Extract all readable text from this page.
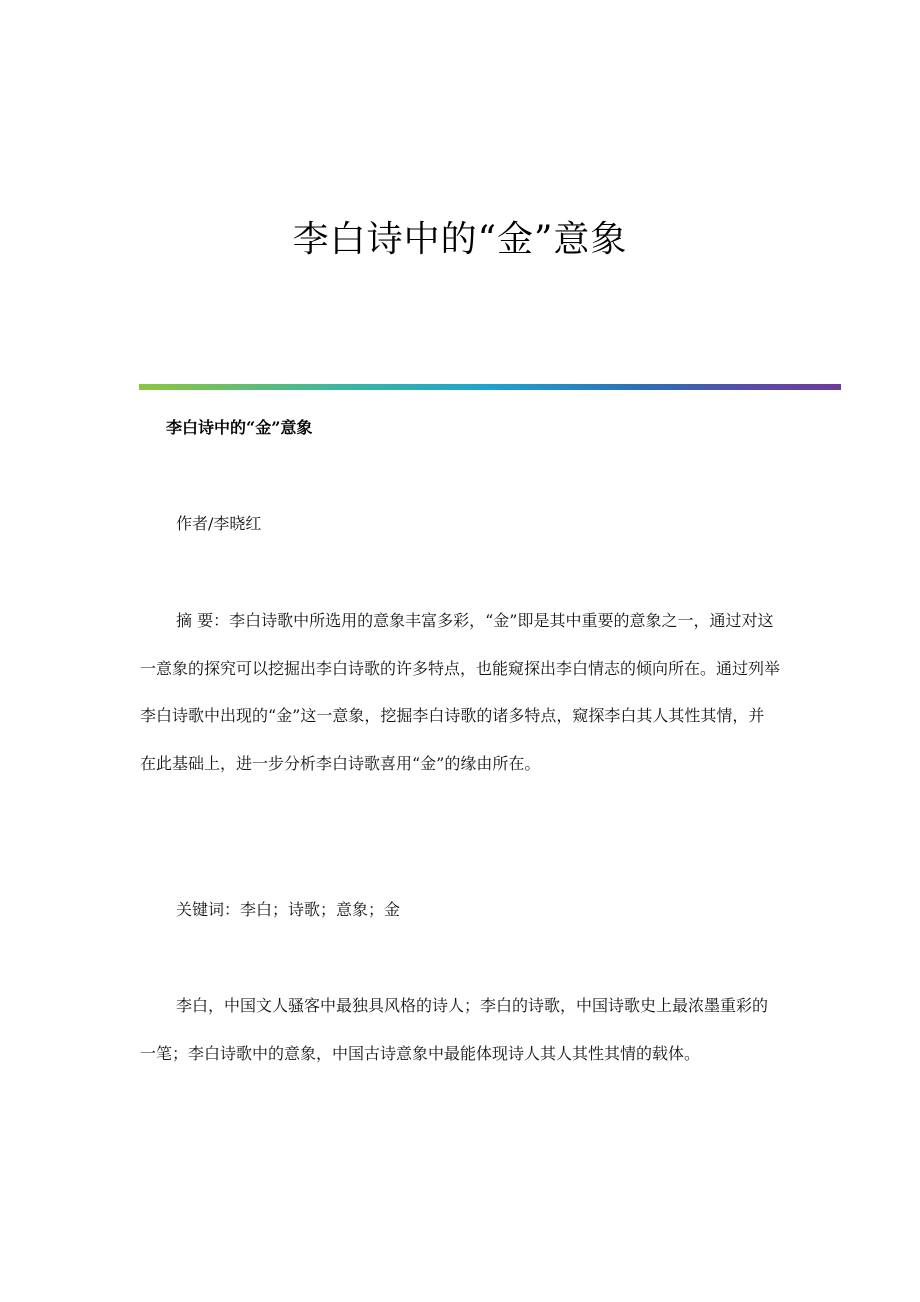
李白诗中的“金”意象
李白诗中的“金”意象

作者/李晓红

摘 要：李白诗歌中所选用的意象丰富多彩，“金”即是其中重要的意象之一，通过对这一意象的探究可以挖掘出李白诗歌的许多特点，也能窥探出李白情志的倾向所在。通过列举李白诗歌中出现的“金”这一意象，挖掘李白诗歌的诸多特点，窥探李白其人其性其情，并在此基础上，进一步分析李白诗歌喜用“金”的缘由所在。

关键词：李白；诗歌；意象；金

李白，中国文人骚客中最独具风格的诗人；李白的诗歌，中国诗歌史上最浓墨重彩的一笔；李白诗歌中的意象，中国古诗意象中最能体现诗人其人其性其情的载体。
